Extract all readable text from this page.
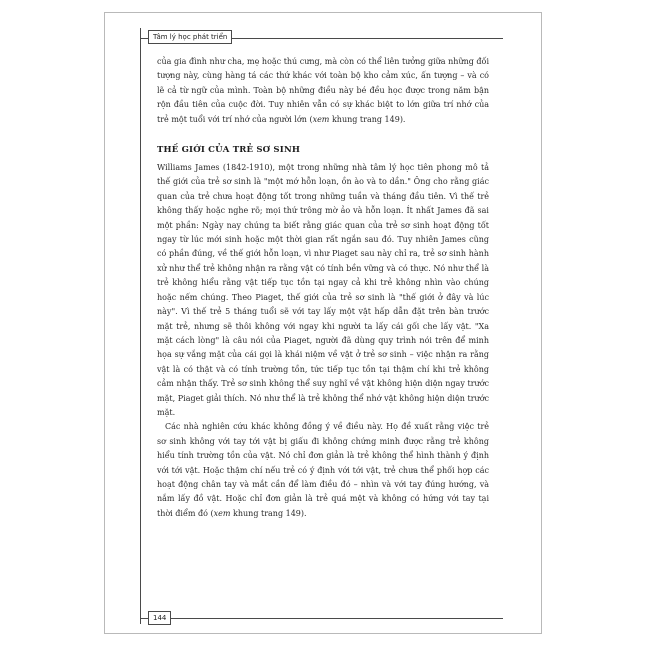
Tâm lý học phát triển

của gia đình như cha, mẹ hoặc thú cưng, mà còn có thể liên tưởng giữa những đối tượng này, cùng hàng tá các thứ khác với toàn bộ kho cảm xúc, ấn tượng – và có lẽ cả từ ngữ của mình. Toàn bộ những điều này bé đều học được trong năm bận rộn đầu tiên của cuộc đời. Tuy nhiên vẫn có sự khác biệt to lớn giữa trí nhớ của trẻ một tuổi với trí nhớ của người lớn (xem khung trang 149).

THẾ GIỚI CỦA TRẺ SƠ SINH

Williams James (1842-1910), một trong những nhà tâm lý học tiên phong mô tả thế giới của trẻ sơ sinh là "một mớ hỗn loạn, ồn ào và to dần." Ông cho rằng giác quan của trẻ chưa hoạt động tốt trong những tuần và tháng đầu tiên. Vì thế trẻ không thấy hoặc nghe rõ; mọi thứ trông mờ ảo và hỗn loạn. Ít nhất James đã sai một phần: Ngày nay chúng ta biết rằng giác quan của trẻ sơ sinh hoạt động tốt ngay từ lúc mới sinh hoặc một thời gian rất ngắn sau đó. Tuy nhiên James cũng có phần đúng, về thế giới hỗn loạn, vì như Piaget sau này chỉ ra, trẻ sơ sinh hành xử như thể trẻ không nhận ra rằng vật có tính bền vững và có thực. Nó như thể là trẻ không hiểu rằng vật tiếp tục tồn tại ngay cả khi trẻ không nhìn vào chúng hoặc nếm chúng. Theo Piaget, thế giới của trẻ sơ sinh là "thế giới ở đây và lúc này". Vì thế trẻ 5 tháng tuổi sẽ với tay lấy một vật hấp dẫn đặt trên bàn trước mặt trẻ, nhưng sẽ thôi không với ngay khi người ta lấy cái gối che lấy vật. "Xa mặt cách lòng" là câu nói của Piaget, người đã dùng quy trình nói trên để minh họa sự vắng mặt của cái gọi là khái niệm về vật ở trẻ sơ sinh – việc nhận ra rằng vật là có thật và có tính trường tồn, tức tiếp tục tồn tại thậm chí khi trẻ không cảm nhận thấy. Trẻ sơ sinh không thể suy nghĩ về vật không hiện diện ngay trước mặt, Piaget giải thích. Nó như thể là trẻ không thể nhớ vật không hiện diện trước mặt.

Các nhà nghiên cứu khác không đồng ý về điều này. Họ đề xuất rằng việc trẻ sơ sinh không với tay tới vật bị giấu đi không chứng minh được rằng trẻ không hiểu tính trường tồn của vật. Nó chỉ đơn giản là trẻ không thể hình thành ý định với tới vật. Hoặc thậm chí nếu trẻ có ý định với tới vật, trẻ chưa thể phối hợp các hoạt động chân tay và mắt cần để làm điều đó – nhìn và với tay đúng hướng, và nắm lấy đồ vật. Hoặc chỉ đơn giản là trẻ quá mệt và không có hứng với tay tại thời điểm đó (xem khung trang 149).

144
